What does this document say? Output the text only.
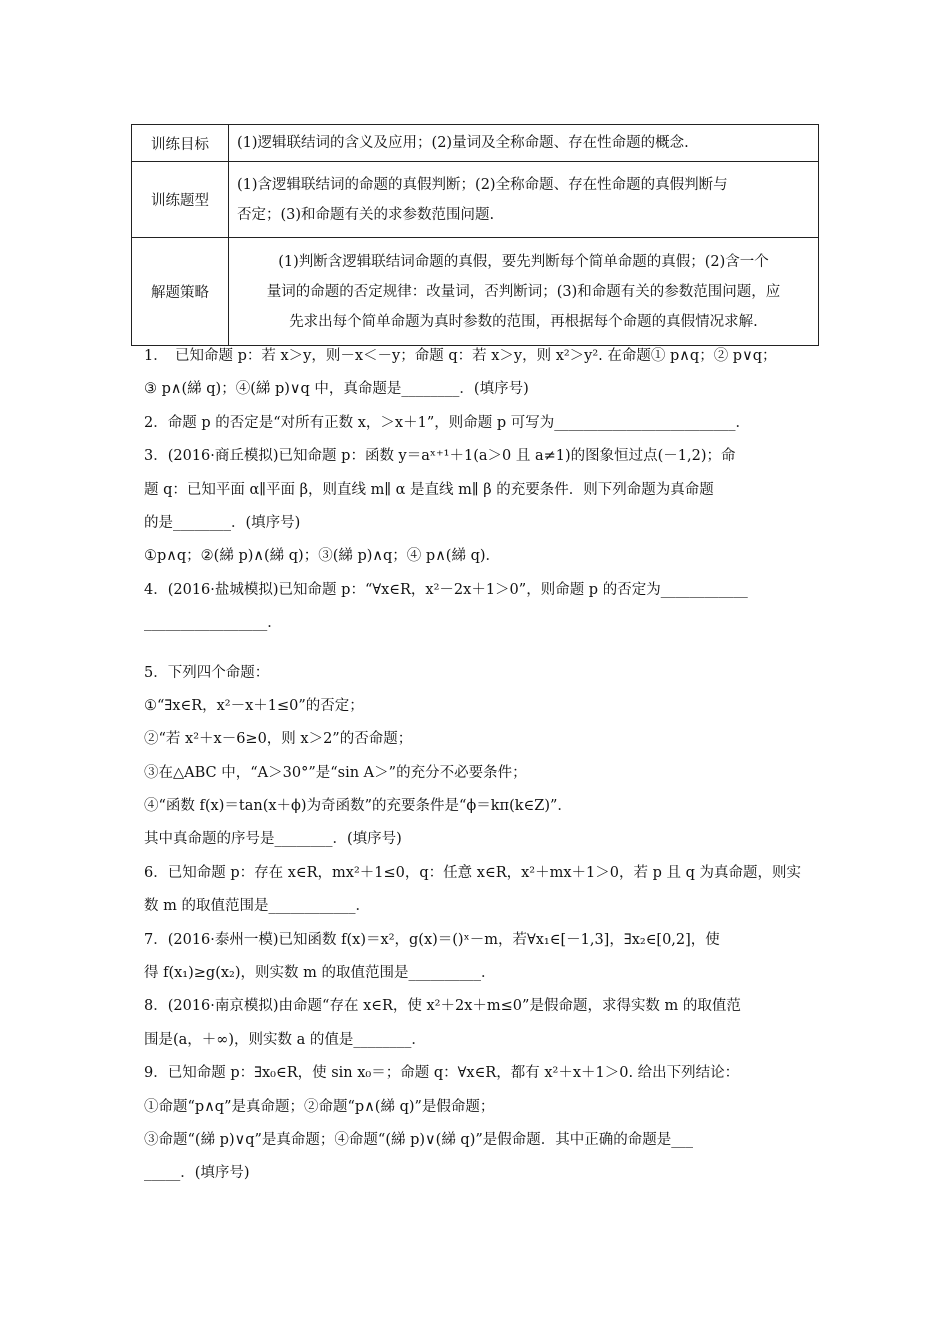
训练目标	(1)逻辑联结词的含义及应用；(2)量词及全称命题、存在性命题的概念.

训练题型	(1)含逻辑联结词的命题的真假判断；(2)全称命题、存在性命题的真假判断与
否定；(3)和命题有关的求参数范围问题.

解题策略	(1)判断含逻辑联结词命题的真假，要先判断每个简单命题的真假；(2)含一个
量词的命题的否定规律：改量词，否判断词；(3)和命题有关的参数范围问题，应
先求出每个简单命题为真时参数的范围，再根据每个命题的真假情况求解.
1．　已知命题 p：若 x＞y，则－x＜－y；命题 q：若 x＞y，则 x²＞y². 在命题① p∧q；② p∨q；
③ p∧(綈 q)；④(綈 p)∨q 中，真命题是________．(填序号)
2．命题 p 的否定是“对所有正数 x，＞x＋1”，则命题 p 可写为_________________________．
3．(2016·商丘模拟)已知命题 p：函数 y＝aˣ⁺¹＋1(a＞0 且 a≠1)的图象恒过点(－1,2)；命
题 q：已知平面 α∥平面 β，则直线 m∥ α 是直线 m∥ β 的充要条件．则下列命题为真命题
的是________．(填序号)
①p∧q；②(綈 p)∧(綈 q)；③(綈 p)∧q；④ p∧(綈 q)．
4．(2016·盐城模拟)已知命题 p：“∀x∈R，x²－2x＋1＞0”，则命题 p 的否定为____________
_________________．
5．下列四个命题：
①“∃x∈R，x²－x＋1≤0”的否定；
②“若 x²＋x－6≥0，则 x＞2”的否命题；
③在△ABC 中，“A＞30°”是“sin A＞”的充分不必要条件；
④“函数 f(x)＝tan(x＋ϕ)为奇函数”的充要条件是“ϕ＝kπ(k∈Z)”．
其中真命题的序号是________．(填序号)
6．已知命题 p：存在 x∈R，mx²＋1≤0，q：任意 x∈R，x²＋mx＋1＞0，若 p 且 q 为真命题，则实
数 m 的取值范围是____________．
7．(2016·泰州一模)已知函数 f(x)＝x²，g(x)＝()ˣ－m，若∀x₁∈[－1,3]，∃x₂∈[0,2]，使
得 f(x₁)≥g(x₂)，则实数 m 的取值范围是__________．
8．(2016·南京模拟)由命题“存在 x∈R，使 x²＋2x＋m≤0”是假命题，求得实数 m 的取值范
围是(a，＋∞)，则实数 a 的值是________．
9．已知命题 p：∃x₀∈R，使 sin x₀＝；命题 q：∀x∈R，都有 x²＋x＋1＞0. 给出下列结论：
①命题“p∧q”是真命题；②命题“p∧(綈 q)”是假命题；
③命题“(綈 p)∨q”是真命题；④命题“(綈 p)∨(綈 q)”是假命题．其中正确的命题是___
_____．(填序号)
